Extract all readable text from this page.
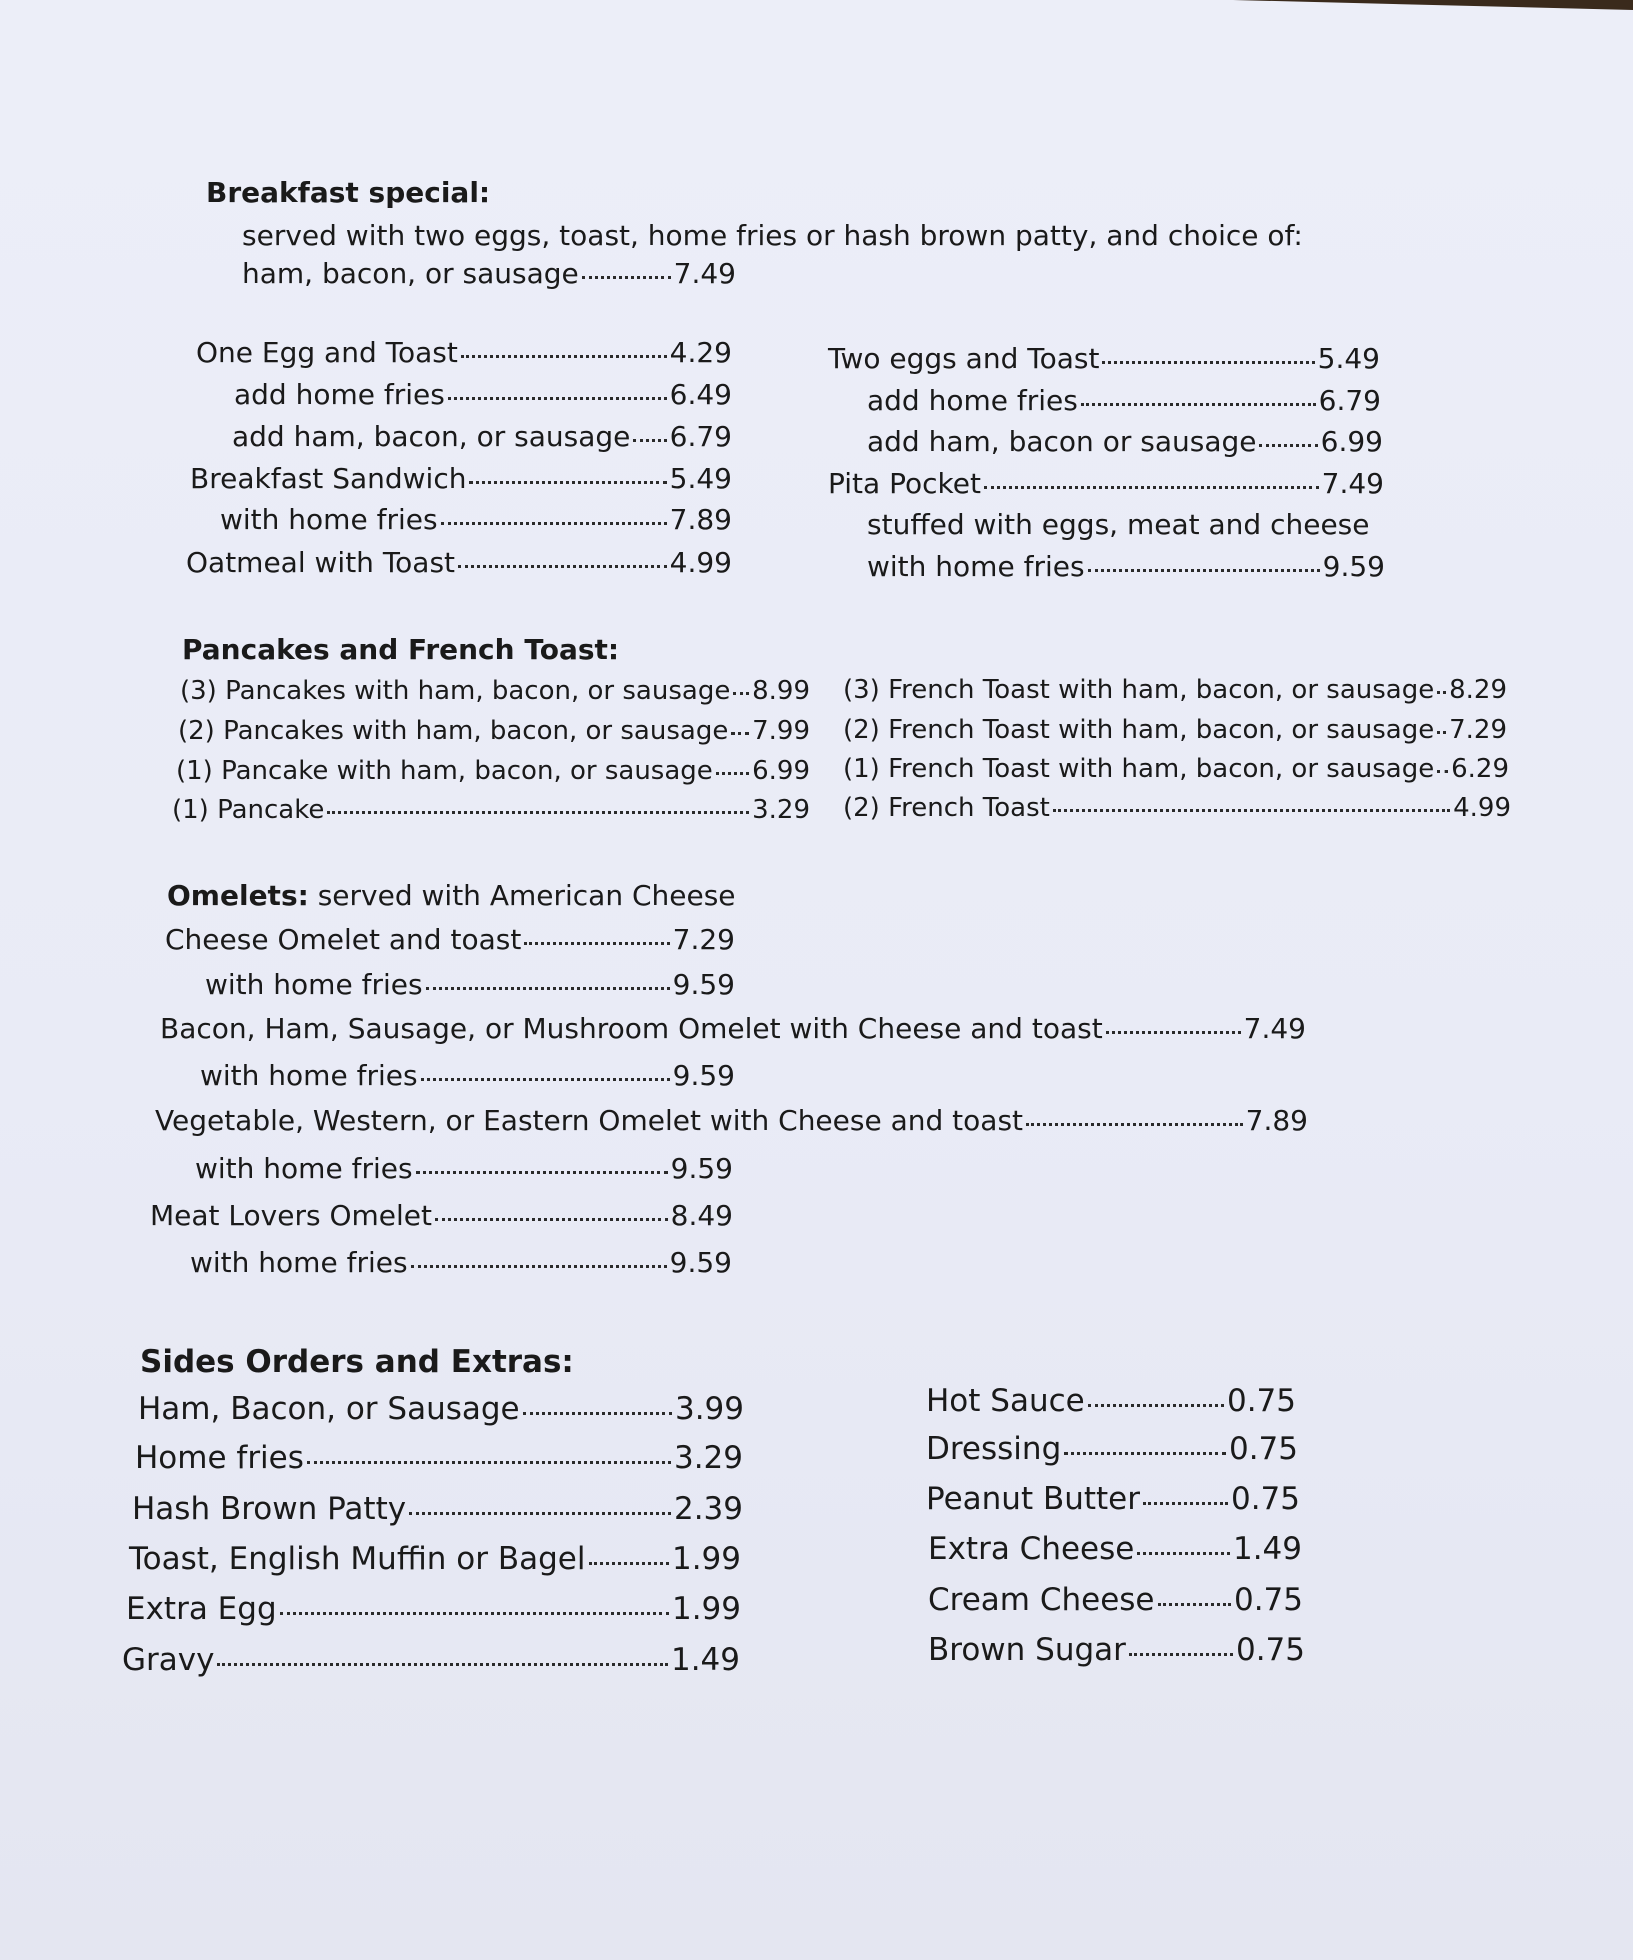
Breakfast special:
served with two eggs, toast, home fries or hash brown patty, and choice of:
ham, bacon, or sausage	7.49
One Egg and Toast	4.29
add home fries	6.49
add ham, bacon, or sausage 6.79
Breakfast Sandwich	5.49
with home fries	7.89
Oatmeal with Toast	4.99
Two eggs and Toast	5.49
add home fries	6.79
add ham, bacon or sausage 6.99
Pita Pocket	7.49
stuffed with eggs, meat and cheese
with home fries	9.59
Pancakes and French Toast:
(3) Pancakes with ham, bacon, or sausage 8.99
(2) Pancakes with ham, bacon, or sausage 7.99
(1) Pancake with ham, bacon, or sausage 6.99
(1) Pancake	3.29
(3) French Toast with ham, bacon, or sausage 8.29
(2) French Toast with ham, bacon, or sausage 7.29
(1) French Toast with ham, bacon, or sausage 6.29
(2) French Toast	4.99
Omelets: served with American Cheese
Cheese Omelet and toast	7.29
with home fries	9.59
Bacon, Ham, Sausage, or Mushroom Omelet with Cheese and toast	7.49
with home fries	9.59
Vegetable, Western, or Eastern Omelet with Cheese and toast	7.89
with home fries	9.59
Meat Lovers Omelet	8.49
with home fries	9.59
Sides Orders and Extras:
Ham, Bacon, or Sausage	3.99
Home fries	3.29
Hash Brown Patty	2.39
Toast, English Muffin or Bagel	1.99
Extra Egg	1.99
Gravy	1.49
Hot Sauce	0.75
Dressing	0.75
Peanut Butter	0.75
Extra Cheese	1.49
Cream Cheese	0.75
Brown Sugar	0.75
